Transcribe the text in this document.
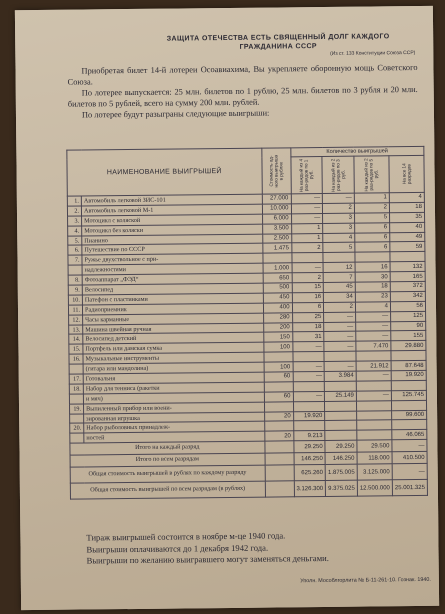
ЗАЩИТА ОТЕЧЕСТВА ЕСТЬ СВЯЩЕННЫЙ ДОЛГ КАЖДОГО ГРАЖДАНИНА СССР
(Из ст. 133 Конституции Союза ССР)

Приобретая билет 14-й лотереи Осоавиахима, Вы укрепляете оборонную мощь Советского Союза.

По лотерее выпускается: 25 млн. билетов по 1 рублю, 25 млн. билетов по 3 рубля и 20 млн. билетов по 5 рублей, всего на сумму 200 млн. рублей.

По лотерее будут разыграны следующие выигрыши:

НАИМЕНОВАНИЕ ВЫИГРЫШЕЙ		Стоимость од-ного выигрыша в рублях	Количество выигрышей			

			На каждый из 4 раз-рядов по 1 руб.	На каждый из 2 раз-рядов по 3 руб.	На каждый из 2 раз-рядов по 5 руб.	На все 14 разрядов

1.	Автомобиль легковой ЗИС-101	27.000	—	—	1	4
2.	Автомобиль легковой М-1	10.000	—	2	2	18
3.	Мотоцикл с коляской	6.000	—	3	5	35
4.	Мотоцикл без коляски	3.500	1	3	6	40
5.	Пианино	2.500	1	4	6	49
6.	Путешествие по СССР	1.475	2	5	6	59
7.	Ружье двухствольное с при-					
	надлежностями	1.000	—	12	16	132
8.	Фотоаппарат „ФЭД“	650	2	7	30	165
9.	Велосипед	500	15	45	18	372
10.	Патефон с пластинками	450	16	34	23	342
11.	Радиоприемник	400	6	2	4	56
12.	Часы карманные	280	25	—	—	125
13.	Машина швейная ручная	200	18	—	—	90
14.	Велосипед детский	150	31	—	—	155
15.	Портфель или дамская сумка	100	—	—	7.470	29.880
16.	Музыкальные инструменты					
	(гитара или мандолина)	100	—	—	21.912	87.648
17.	Готовальня	60	—	3.984	—	19.920
18.	Набор для тенниса (ракетки					
	и мяч)	60	—	25.149	—	125.745
19.	Выпиленный прибор или воени-					
	зированная игрушка	20	19.920			99.600
20.	Набор рыболовных принадлеж-					
	ностей	20	9.213			46.065
Итого на каждый разряд			29.250	29.250	29.500	—
Итого по всем разрядам			146.250	146.250	118.000	410.500
Общая стоимость выигрышей в рублях по каждому разряду			625.260	1.875.005	3.125.000	—
Общая стоимость выигрышей по всем разрядам (в рублях)			3.126.300	9.375.025	12.500.000	25.001.325

Тираж выигрышей состоится в ноябре м-це 1940 года.

Выигрыши оплачиваются до 1 декабря 1942 года.

Выигрыши по желанию выигравшего могут заменяться деньгами.

Уполн. Мособлгорлита № Б-11-261-10. Гознак. 1940.
